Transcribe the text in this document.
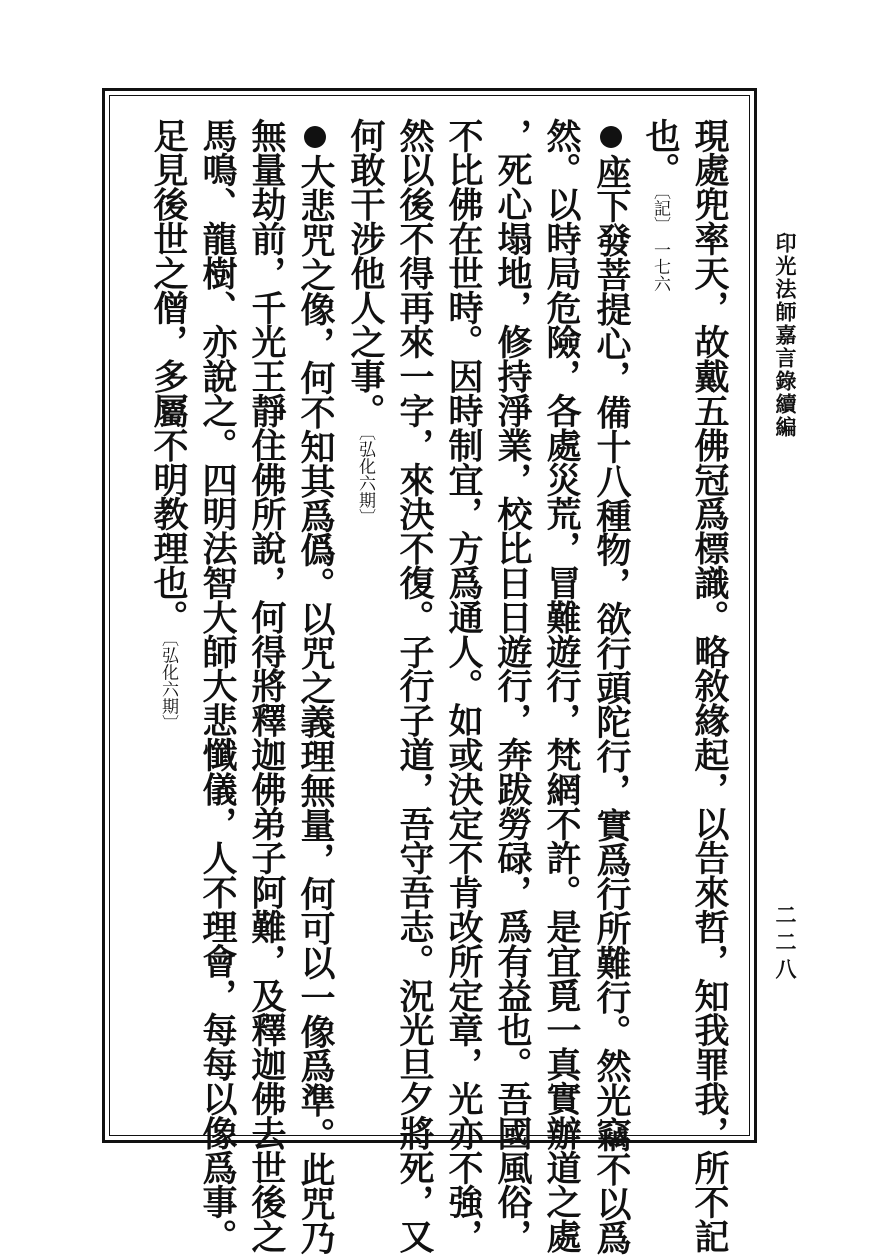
印光法師嘉言錄續編
二二八
現處兜率天，故戴五佛冠爲標識。略敘緣起，以告來哲，知我罪我，所不記
也。〔記〕一七六
座下發菩提心，備十八種物，欲行頭陀行，實爲行所難行。然光竊不以爲
然。以時局危險，各處災荒，冒難遊行，梵網不許。是宜覓一真實辦道之處
，死心塌地，修持淨業，校比日日遊行，奔跋勞碌，爲有益也。吾國風俗，
不比佛在世時。因時制宜，方爲通人。如或決定不肯改所定章，光亦不強，
然以後不得再來一字，來決不復。子行子道，吾守吾志。況光旦夕將死，又
何敢干涉他人之事。〔弘化六期〕
大悲咒之像，何不知其爲僞。以咒之義理無量，何可以一像爲準。此咒乃
無量劫前，千光王靜住佛所說，何得將釋迦佛弟子阿難，及釋迦佛去世後之
馬鳴、龍樹、亦說之。四明法智大師大悲懺儀，人不理會，每每以像爲事。
足見後世之僧，多屬不明教理也。〔弘化六期〕
